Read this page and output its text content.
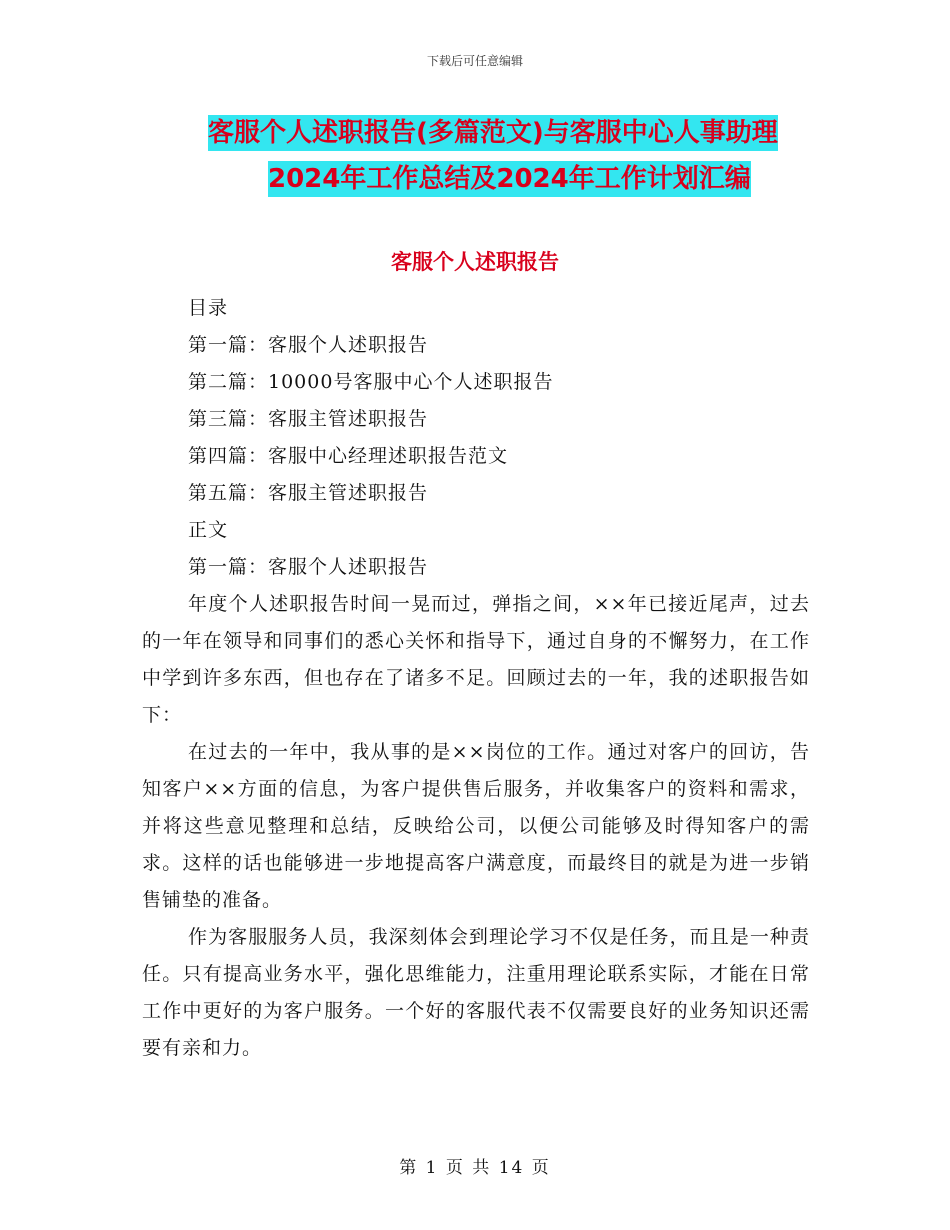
下载后可任意编辑
客服个人述职报告(多篇范文)与客服中心人事助理
2024年工作总结及2024年工作计划汇编
客服个人述职报告
目录
第一篇：客服个人述职报告
第二篇：10000号客服中心个人述职报告
第三篇：客服主管述职报告
第四篇：客服中心经理述职报告范文
第五篇：客服主管述职报告
正文
第一篇：客服个人述职报告

年度个人述职报告时间一晃而过，弹指之间，××年已接近尾声，过去的一年在领导和同事们的悉心关怀和指导下，通过自身的不懈努力，在工作中学到许多东西，但也存在了诸多不足。回顾过去的一年，我的述职报告如下：

在过去的一年中，我从事的是××岗位的工作。通过对客户的回访，告知客户××方面的信息，为客户提供售后服务，并收集客户的资料和需求，并将这些意见整理和总结，反映给公司，以便公司能够及时得知客户的需求。这样的话也能够进一步地提高客户满意度，而最终目的就是为进一步销售铺垫的准备。

作为客服服务人员，我深刻体会到理论学习不仅是任务，而且是一种责任。只有提高业务水平，强化思维能力，注重用理论联系实际，才能在日常工作中更好的为客户服务。一个好的客服代表不仅需要良好的业务知识还需要有亲和力。

第 1 页 共 14 页
